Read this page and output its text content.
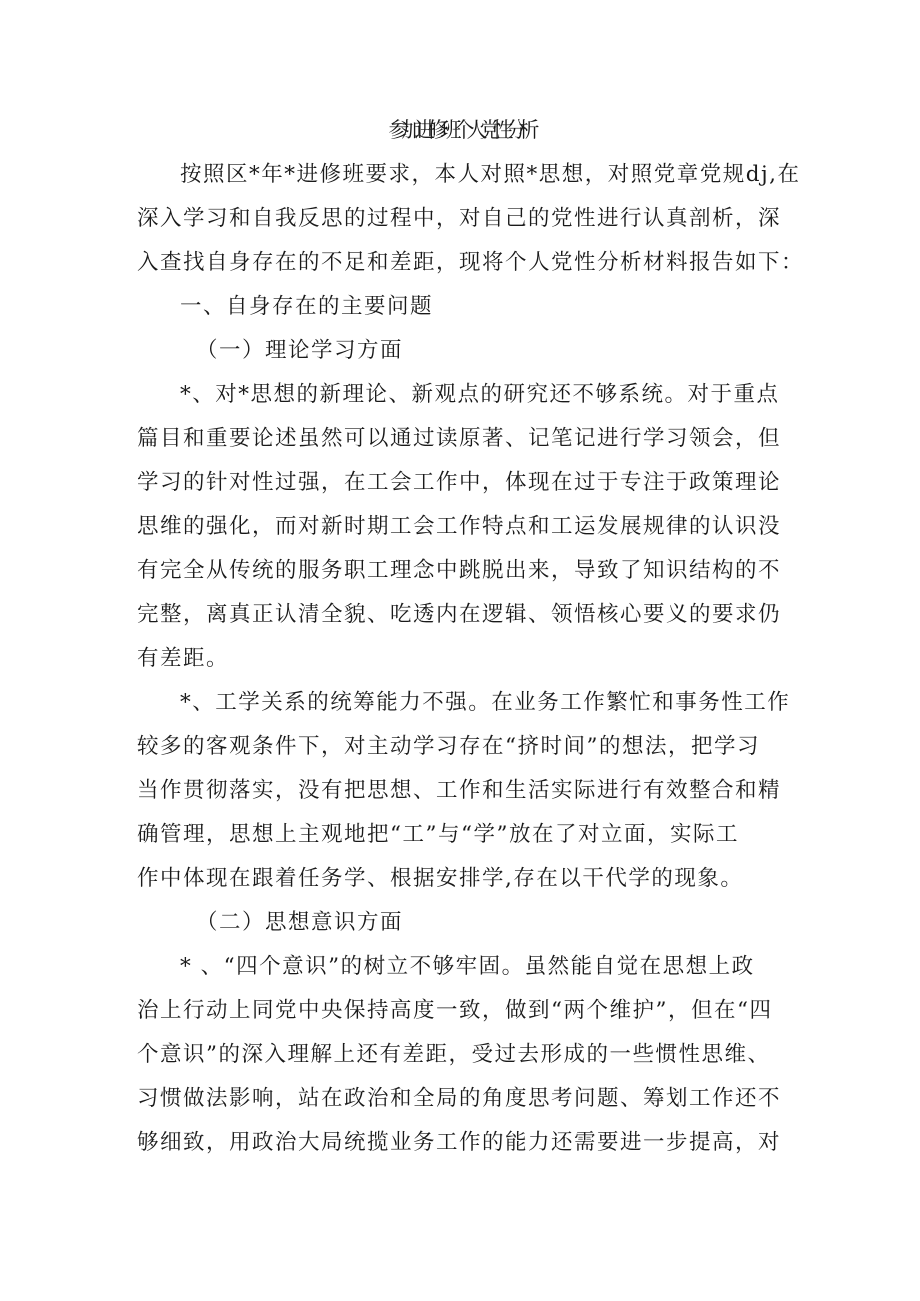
参加进修班个人党性分析
按照区*年*进修班要求，本人对照*思想，对照党章党规dj,在
深入学习和自我反思的过程中，对自己的党性进行认真剖析，深
入查找自身存在的不足和差距，现将个人党性分析材料报告如下：
一、自身存在的主要问题
（一）理论学习方面
*、对*思想的新理论、新观点的研究还不够系统。对于重点
篇目和重要论述虽然可以通过读原著、记笔记进行学习领会，但
学习的针对性过强，在工会工作中，体现在过于专注于政策理论
思维的强化，而对新时期工会工作特点和工运发展规律的认识没
有完全从传统的服务职工理念中跳脱出来，导致了知识结构的不
完整，离真正认清全貌、吃透内在逻辑、领悟核心要义的要求仍
有差距。
*、工学关系的统筹能力不强。在业务工作繁忙和事务性工作
较多的客观条件下，对主动学习存在“挤时间”的想法，把学习
当作贯彻落实，没有把思想、工作和生活实际进行有效整合和精
确管理，思想上主观地把“工”与“学”放在了对立面，实际工
作中体现在跟着任务学、根据安排学,存在以干代学的现象。
（二）思想意识方面
* 、“四个意识”的树立不够牢固。虽然能自觉在思想上政
治上行动上同党中央保持高度一致，做到“两个维护”，但在“四
个意识”的深入理解上还有差距，受过去形成的一些惯性思维、
习惯做法影响，站在政治和全局的角度思考问题、筹划工作还不
够细致，用政治大局统揽业务工作的能力还需要进一步提高，对
